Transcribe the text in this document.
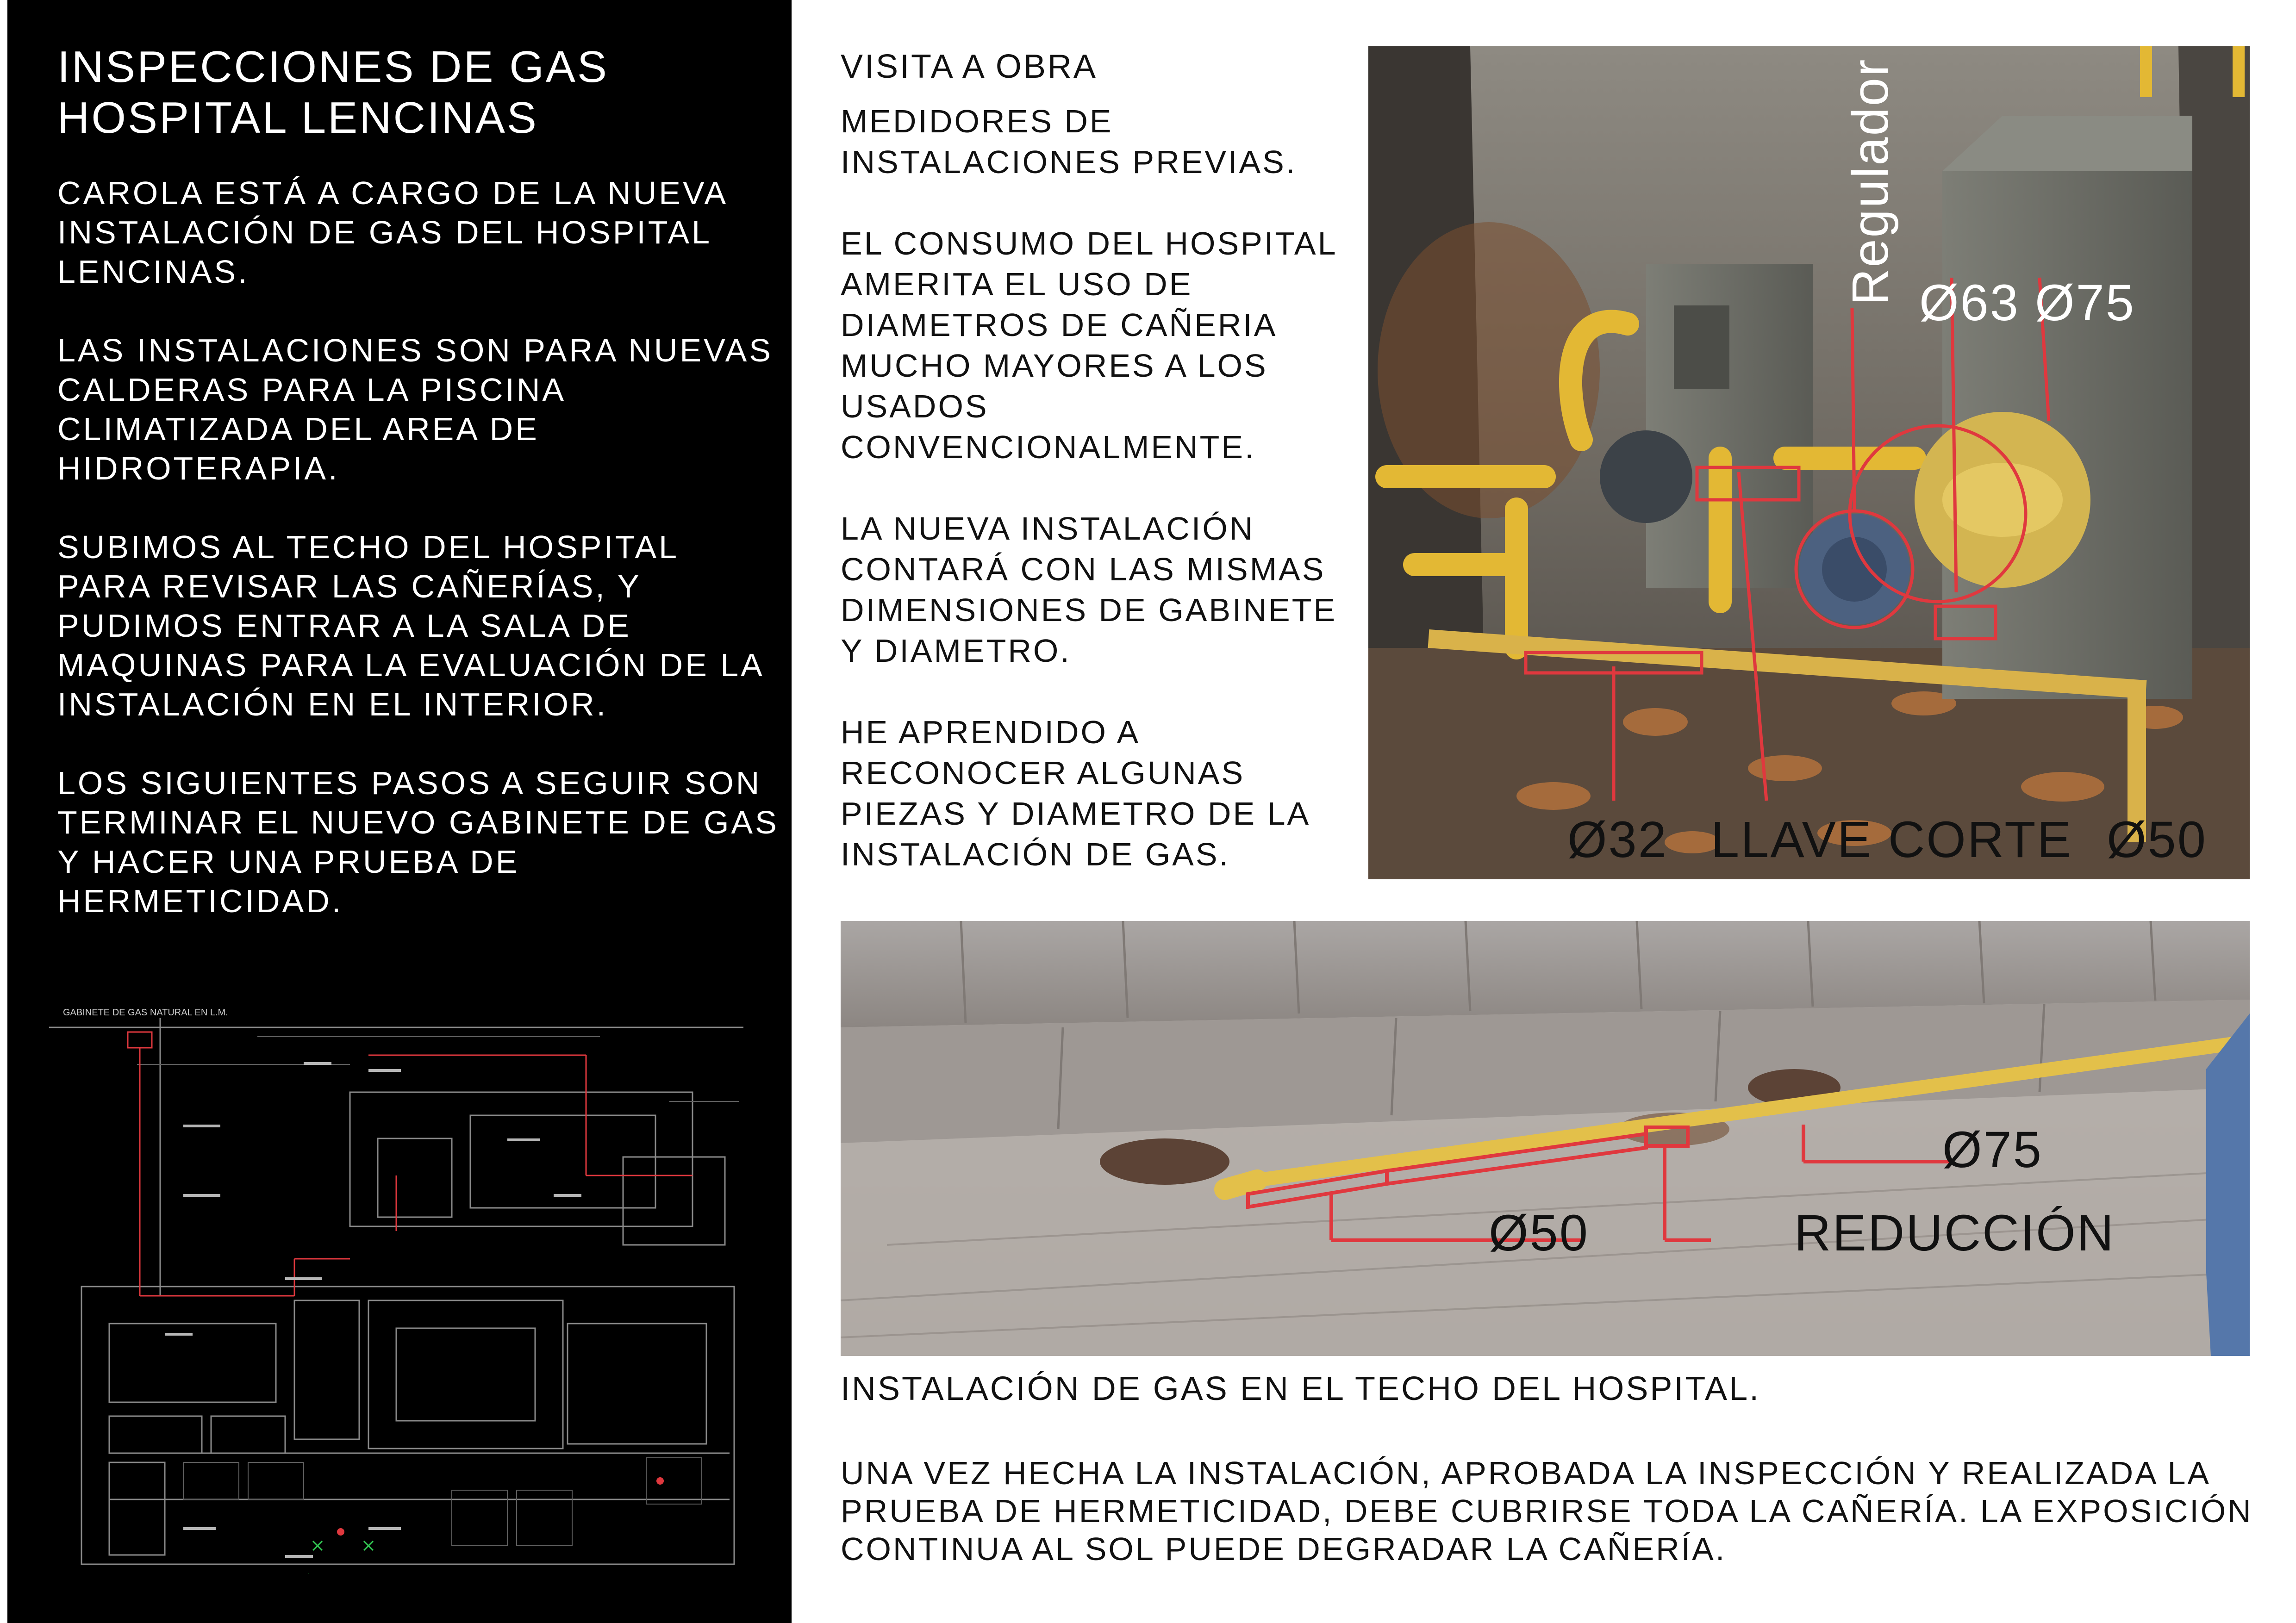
INSPECCIONES DE GAS
HOSPITAL LENCINAS

CAROLA ESTÁ A CARGO DE LA NUEVA INSTALACIÓN DE GAS DEL HOSPITAL LENCINAS.

LAS INSTALACIONES SON PARA NUEVAS CALDERAS PARA LA PISCINA CLIMATIZADA DEL AREA DE HIDROTERAPIA.

SUBIMOS AL TECHO DEL HOSPITAL PARA REVISAR LAS CAÑERÍAS, Y PUDIMOS ENTRAR A LA SALA DE MAQUINAS PARA LA EVALUACIÓN DE LA INSTALACIÓN EN EL INTERIOR.

LOS SIGUIENTES PASOS A SEGUIR SON TERMINAR EL NUEVO GABINETE DE GAS Y HACER UNA PRUEBA DE HERMETICIDAD.

GABINETE DE GAS NATURAL EN L.M.
VISITA A OBRA

MEDIDORES DE INSTALACIONES PREVIAS.

EL CONSUMO DEL HOSPITAL AMERITA EL USO DE DIAMETROS DE CAÑERIA MUCHO MAYORES A LOS USADOS CONVENCIONALMENTE.

LA NUEVA INSTALACIÓN CONTARÁ CON LAS MISMAS DIMENSIONES DE GABINETE Y DIAMETRO.

HE APRENDIDO A RECONOCER ALGUNAS PIEZAS Y DIAMETRO DE LA INSTALACIÓN DE GAS.

Regulador Ø63 Ø75
Ø32 LLAVE CORTE Ø50
Ø75
Ø50	REDUCCIÓN
INSTALACIÓN DE GAS EN EL TECHO DEL HOSPITAL.

UNA VEZ HECHA LA INSTALACIÓN, APROBADA LA INSPECCIÓN Y REALIZADA LA PRUEBA DE HERMETICIDAD, DEBE CUBRIRSE TODA LA CAÑERÍA. LA EXPOSICIÓN CONTINUA AL SOL PUEDE DEGRADAR LA CAÑERÍA.
